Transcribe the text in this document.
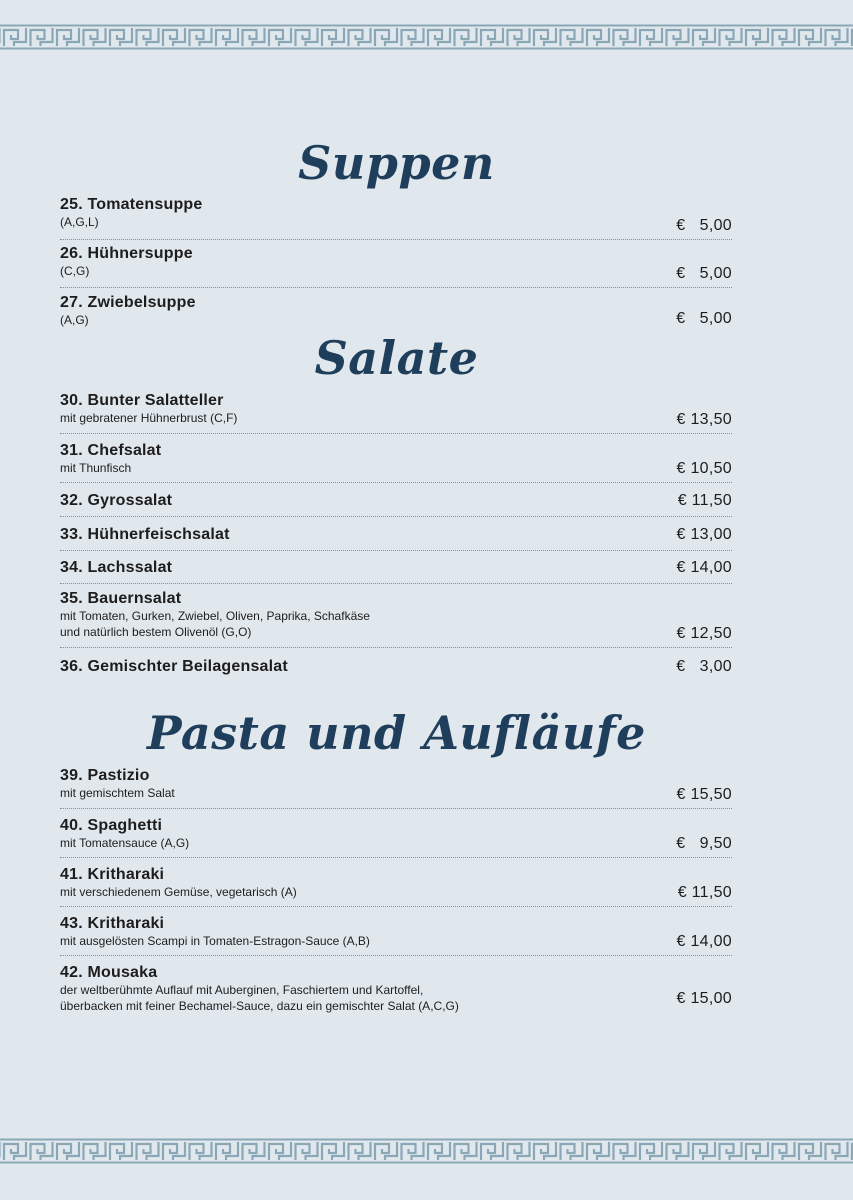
Suppen
25. Tomatensuppe
(A,G,L)	€   5,00
26. Hühnersuppe
(C,G)	€   5,00
27. Zwiebelsuppe
(A,G)	€   5,00
Salate
30. Bunter Salatteller
mit gebratener Hühnerbrust (C,F)	€ 13,50
31. Chefsalat
mit Thunfisch	€ 10,50
32. Gyrossalat	€ 11,50
33. Hühnerfeischsalat	€ 13,00
34. Lachssalat	€ 14,00
35. Bauernsalat
mit Tomaten, Gurken, Zwiebel, Oliven, Paprika, Schafkäse
und natürlich bestem Olivenöl (G,O)	€ 12,50
36. Gemischter Beilagensalat	€   3,00
Pasta und Aufläufe
39. Pastizio
mit gemischtem Salat	€ 15,50
40. Spaghetti
mit Tomatensauce (A,G)	€   9,50
41. Kritharaki
mit verschiedenem Gemüse, vegetarisch (A)	€ 11,50
43. Kritharaki
mit ausgelösten Scampi in Tomaten-Estragon-Sauce (A,B)	€ 14,00
42. Mousaka
der weltberühmte Auflauf mit Auberginen, Faschiertem und Kartoffel,
überbacken mit feiner Bechamel-Sauce, dazu ein gemischter Salat (A,C,G)	€ 15,00
